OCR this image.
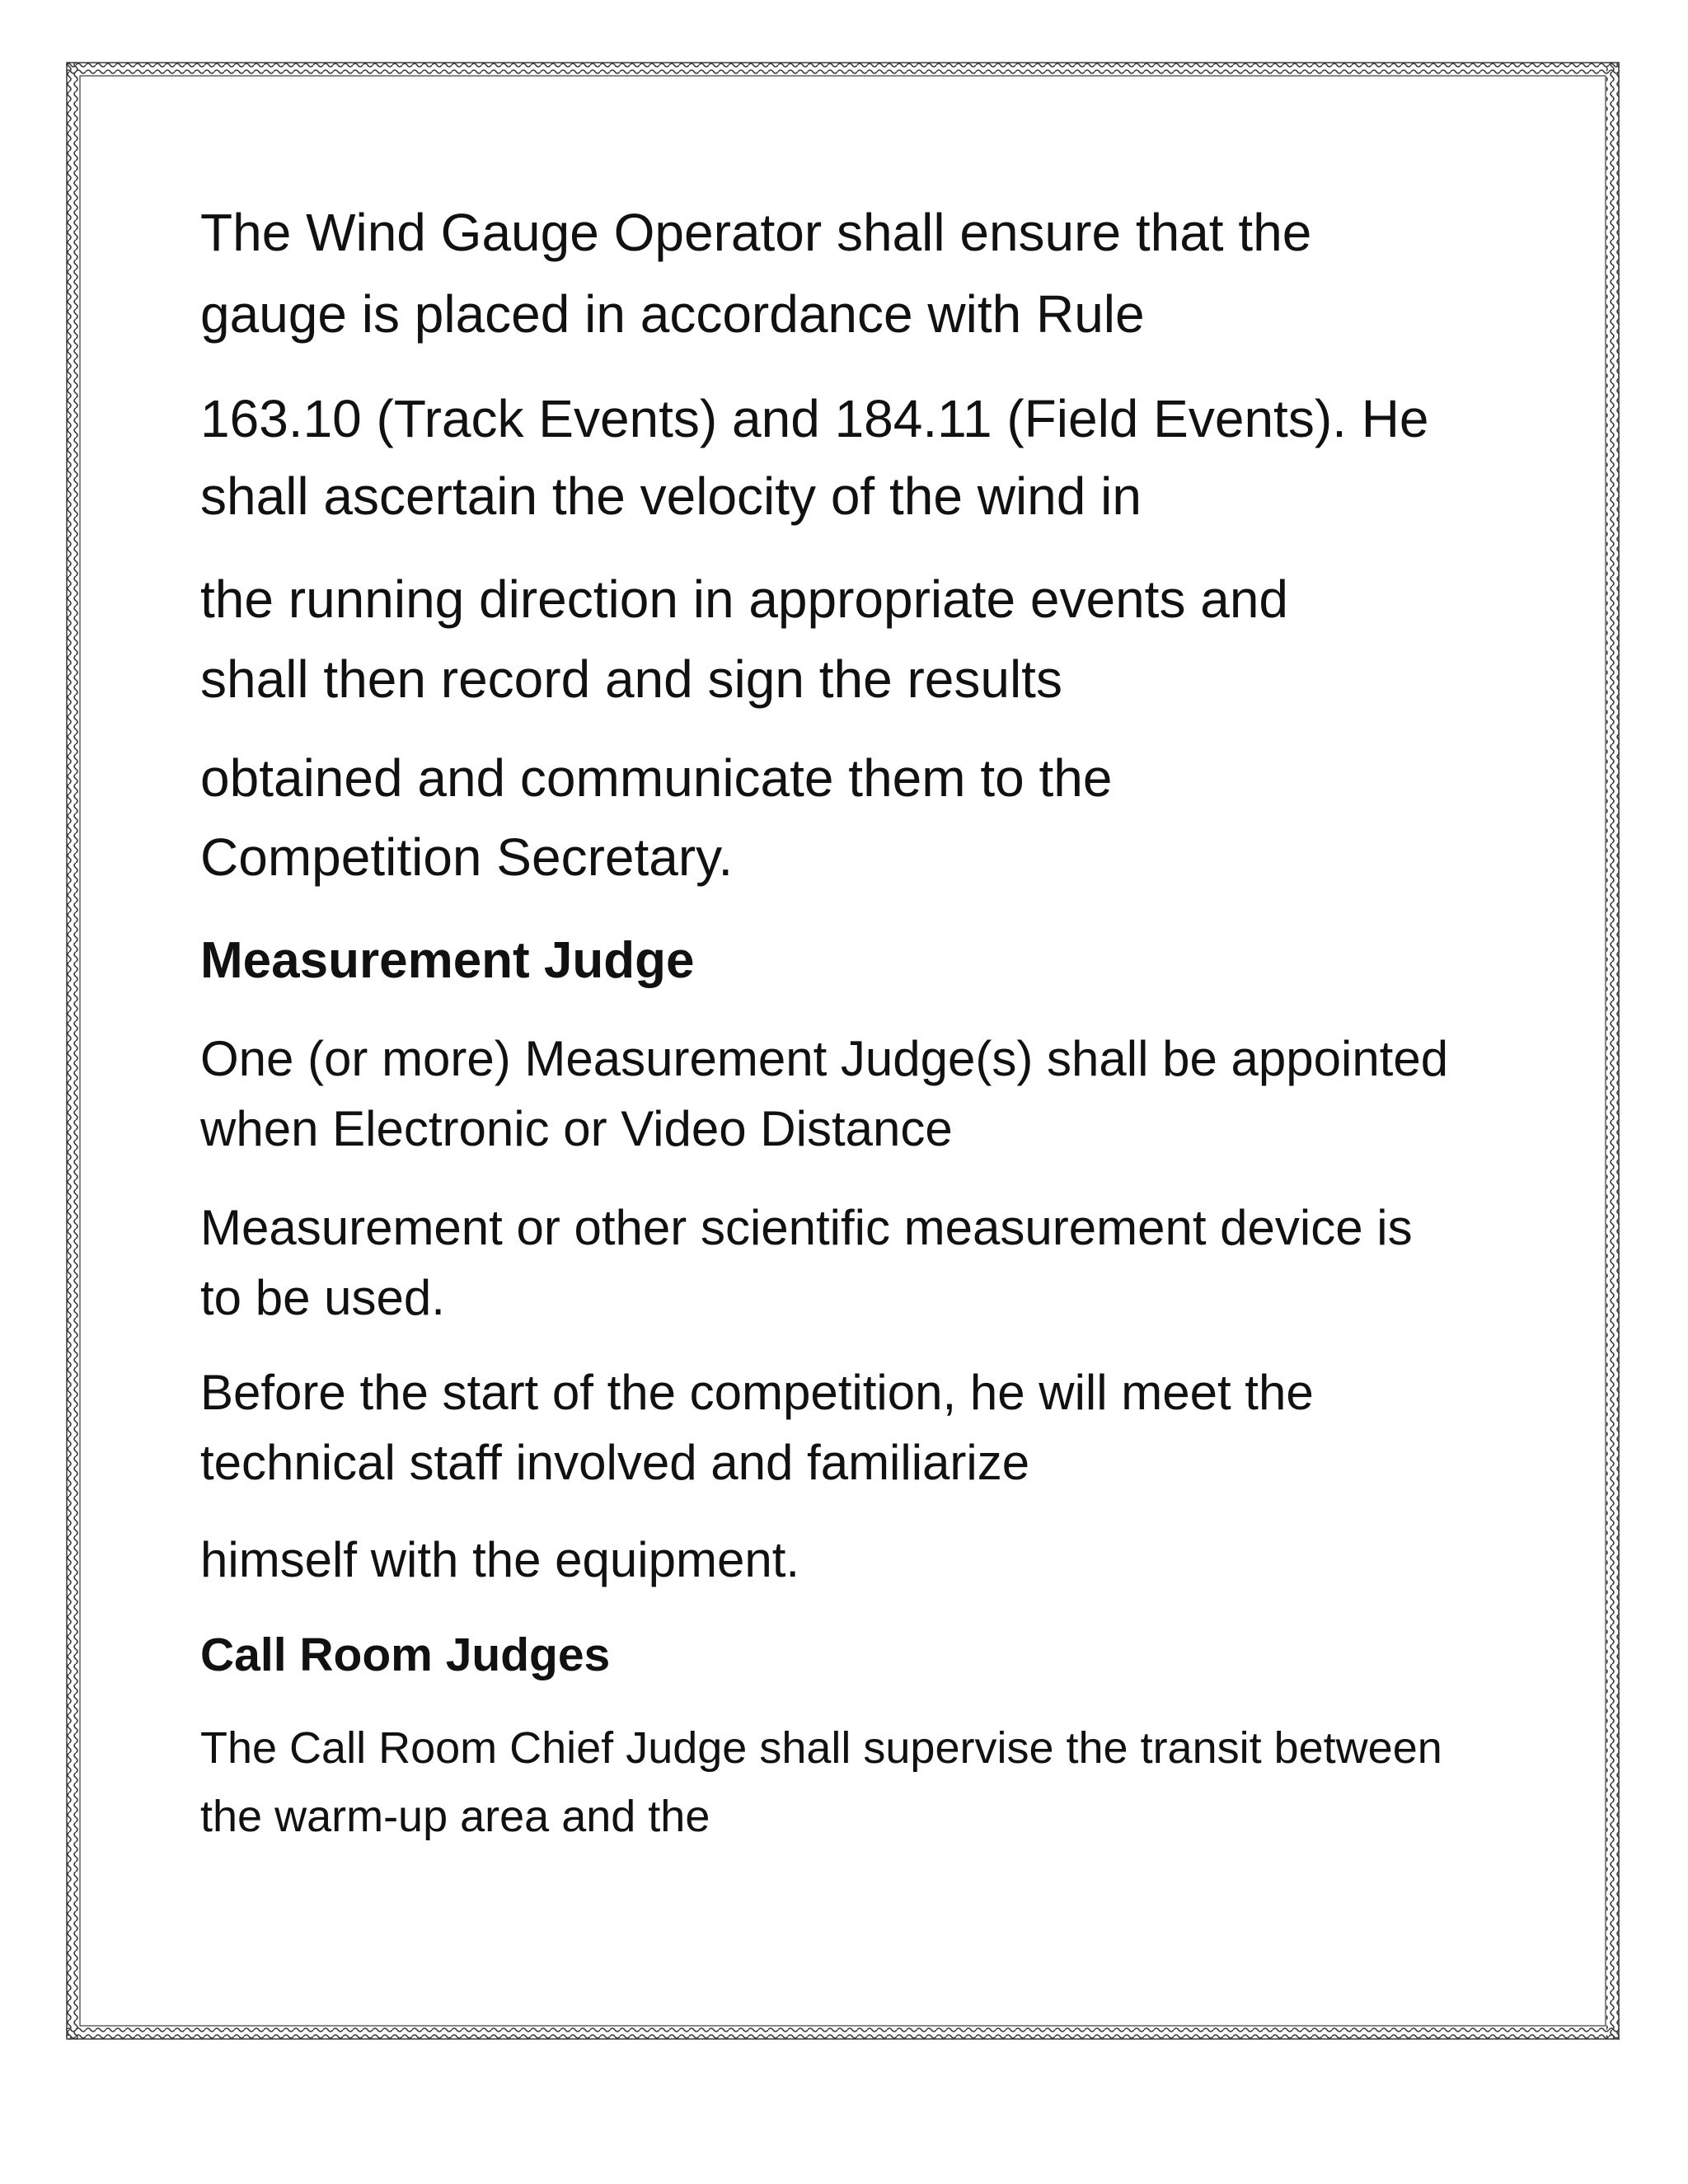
The Wind Gauge Operator shall ensure that the
gauge is placed in accordance with Rule
163.10 (Track Events) and 184.11 (Field Events). He
shall ascertain the velocity of the wind in
the running direction in appropriate events and
shall then record and sign the results
obtained and communicate them to the
Competition Secretary.
Measurement Judge
One (or more) Measurement Judge(s) shall be appointed
when Electronic or Video Distance
Measurement or other scientific measurement device is
to be used.
Before the start of the competition, he will meet the
technical staff involved and familiarize
himself with the equipment.
Call Room Judges
The Call Room Chief Judge shall supervise the transit between
the warm-up area and the
